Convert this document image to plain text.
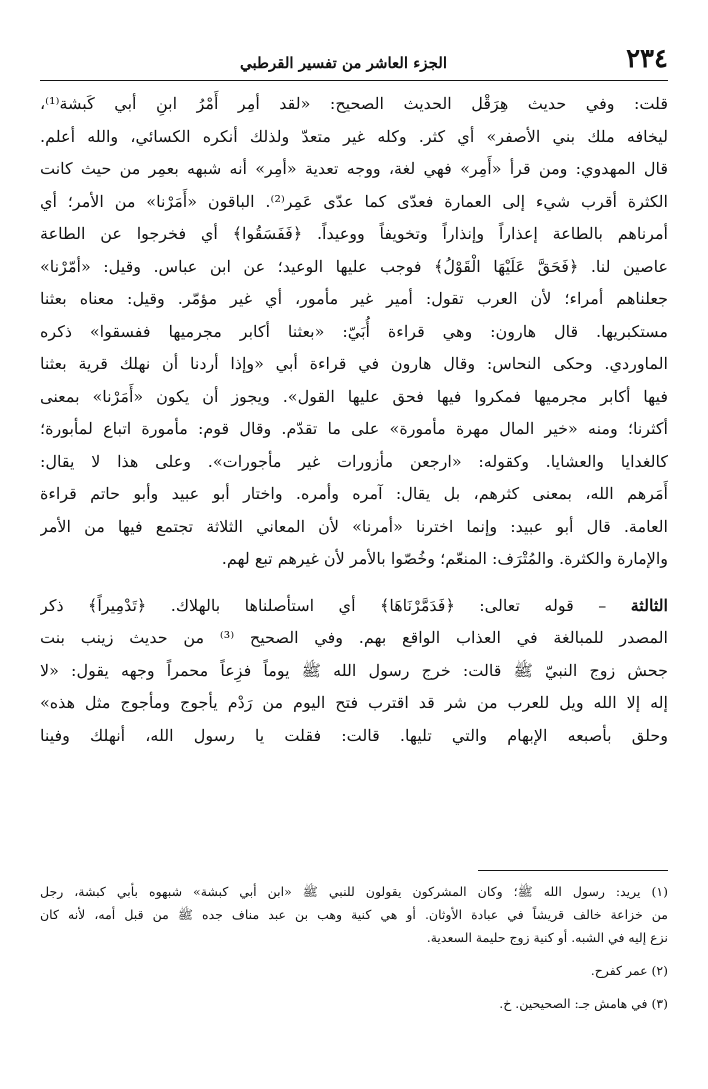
٢٣٤
الجزء العاشر من تفسير القرطبي
قلت: وفي حديث هِرَقْل الحديث الصحيح: «لقد أمِر أَمْرُ ابنِ أبي كَبشة⁽¹⁾،
ليخافه ملك بني الأصفر» أي كثر. وكله غير متعدّ ولذلك أنكره الكسائي، والله أعلم.
قال المهدوي: ومن قرأ «أَمِر» فهي لغة، ووجه تعدية «أمِر» أنه شبهه بعمِر من حيث كانت
الكثرة أقرب شيء إلى العمارة فعدّى كما عدّى عَمِر⁽²⁾. الباقون «أَمَرْنا» من الأمر؛ أي
أمرناهم بالطاعة إعذاراً وإنذاراً وتخويفاً ووعيداً. ﴿فَفَسَقُوا﴾ أي فخرجوا عن الطاعة
عاصين لنا. ﴿فَحَقَّ عَلَيْهَا الْقَوْلُ﴾ فوجب عليها الوعيد؛ عن ابن عباس. وقيل: «أمّرْنا»
جعلناهم أمراء؛ لأن العرب تقول: أمير غير مأمور، أي غير مؤمّر. وقيل: معناه بعثنا
مستكبريها. قال هارون: وهي قراءة أُبَيّ: «بعثنا أكابر مجرميها ففسقوا» ذكره
الماوردي. وحكى النحاس: وقال هارون في قراءة أبي «وإذا أردنا أن نهلك قرية بعثنا
فيها أكابر مجرميها فمكروا فيها فحق عليها القول». ويجوز أن يكون «أَمَرْنا» بمعنى
أكثرنا؛ ومنه «خير المال مهرة مأمورة» على ما تقدّم. وقال قوم: مأمورة اتباع لمأبورة؛
كالغدايا والعشايا. وكقوله: «ارجعن مأزورات غير مأجورات». وعلى هذا لا يقال:
أَمَرهم الله، بمعنى كثرهم، بل يقال: آمره وأمره. واختار أبو عبيد وأبو حاتم قراءة
العامة. قال أبو عبيد: وإنما اخترنا «أمرنا» لأن المعاني الثلاثة تجتمع فيها من الأمر
والإمارة والكثرة. والمُتْرَف: المنعّم؛ وخُصّوا بالأمر لأن غيرهم تبع لهم.
الثالثة – قوله تعالى: ﴿فَدَمَّرْنَاهَا﴾ أي استأصلناها بالهلاك. ﴿تَدْمِيراً﴾ ذكر
المصدر للمبالغة في العذاب الواقع بهم. وفي الصحيح ⁽³⁾ من حديث زينب بنت
جحش زوج النبيّ ﷺ قالت: خرج رسول الله ﷺ يوماً فزِعاً محمراً وجهه يقول: «لا
إله إلا الله ويل للعرب من شر قد اقترب فتح اليوم من رَدْم يأجوج ومأجوج مثل هذه»
وحلق بأصبعه الإبهام والتي تليها. قالت: فقلت يا رسول الله، أنهلك وفينا
(١) يريد: رسول الله ﷺ؛ وكان المشركون يقولون للنبي ﷺ «ابن أبي كبشة» شبهوه بأبي كبشة، رجل
من خزاعة خالف قريشاً في عبادة الأوثان. أو هي كنية وهب بن عبد مناف جده ﷺ من قبل أمه، لأنه كان
نزع إليه في الشبه. أو كنية زوج حليمة السعدية.
(٢) عمر كفرح.
(٣) في هامش جـ: الصحيحين. خ.
